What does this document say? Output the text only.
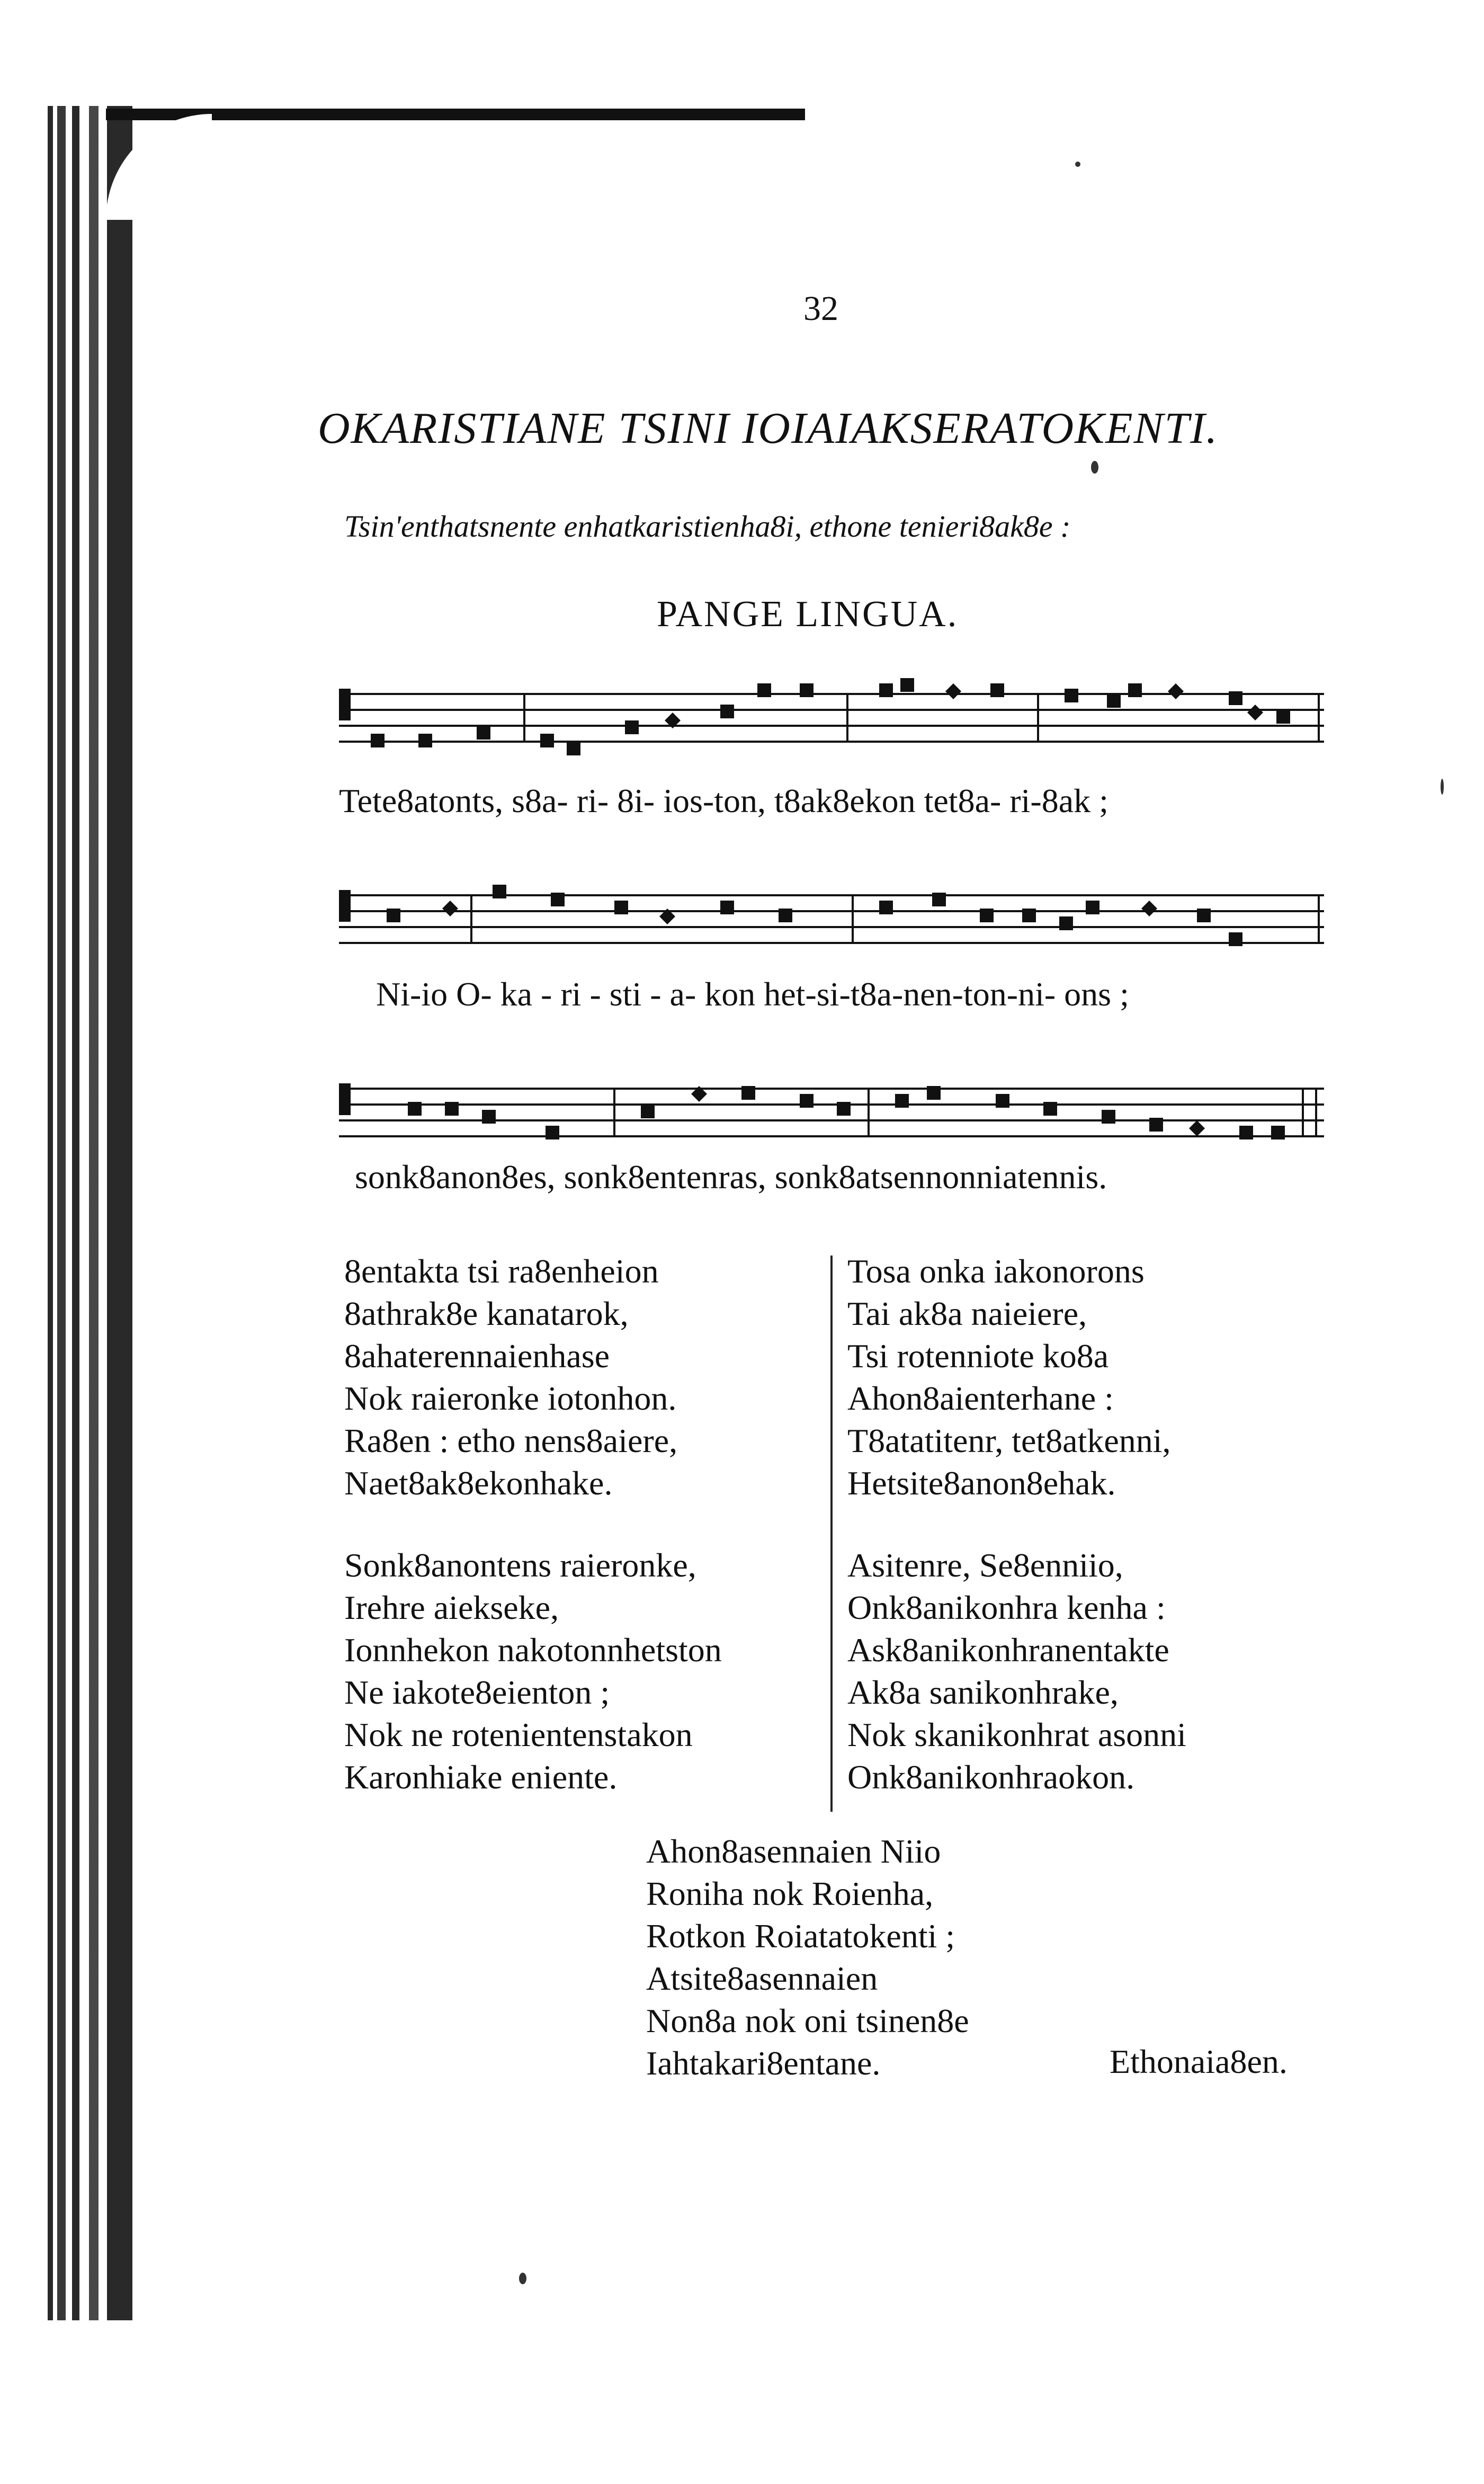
32
OKARISTIANE TSINI IOIAIAKSERATOKENTI.
Tsin'enthatsnente enhatkaristienha8i, ethone tenieri8ak8e :
PANGE LINGUA.
Tete8atonts, s8a- ri- 8i- ios-ton, t8ak8ekon tet8a- ri-8ak ;
Ni-io O- ka - ri - sti - a- kon het-si-t8a-nen-ton-ni- ons ;
sonk8anon8es, sonk8entenras, sonk8atsennonniatennis.
8entakta tsi ra8enheion
8athrak8e kanatarok,
8ahaterennaienhase
Nok raieronke iotonhon.
Ra8en : etho nens8aiere,
Naet8ak8ekonhake.
Tosa onka iakonorons
Tai ak8a naieiere,
Tsi rotenniote ko8a
Ahon8aienterhane :
T8atatitenr, tet8atkenni,
Hetsite8anon8ehak.
Sonk8anontens raieronke,
Irehre aiekseke,
Ionnhekon nakotonnhetston
Ne iakote8eienton ;
Nok ne rotenientenstakon
Karonhiake eniente.
Asitenre, Se8enniio,
Onk8anikonhra kenha :
Ask8anikonhranentakte
Ak8a sanikonhrake,
Nok skanikonhrat asonni
Onk8anikonhraokon.
Ahon8asennaien Niio
Roniha nok Roienha,
Rotkon Roiatatokenti ;
Atsite8asennaien
Non8a nok oni tsinen8e
Iahtakari8entane.	Ethonaia8en.
